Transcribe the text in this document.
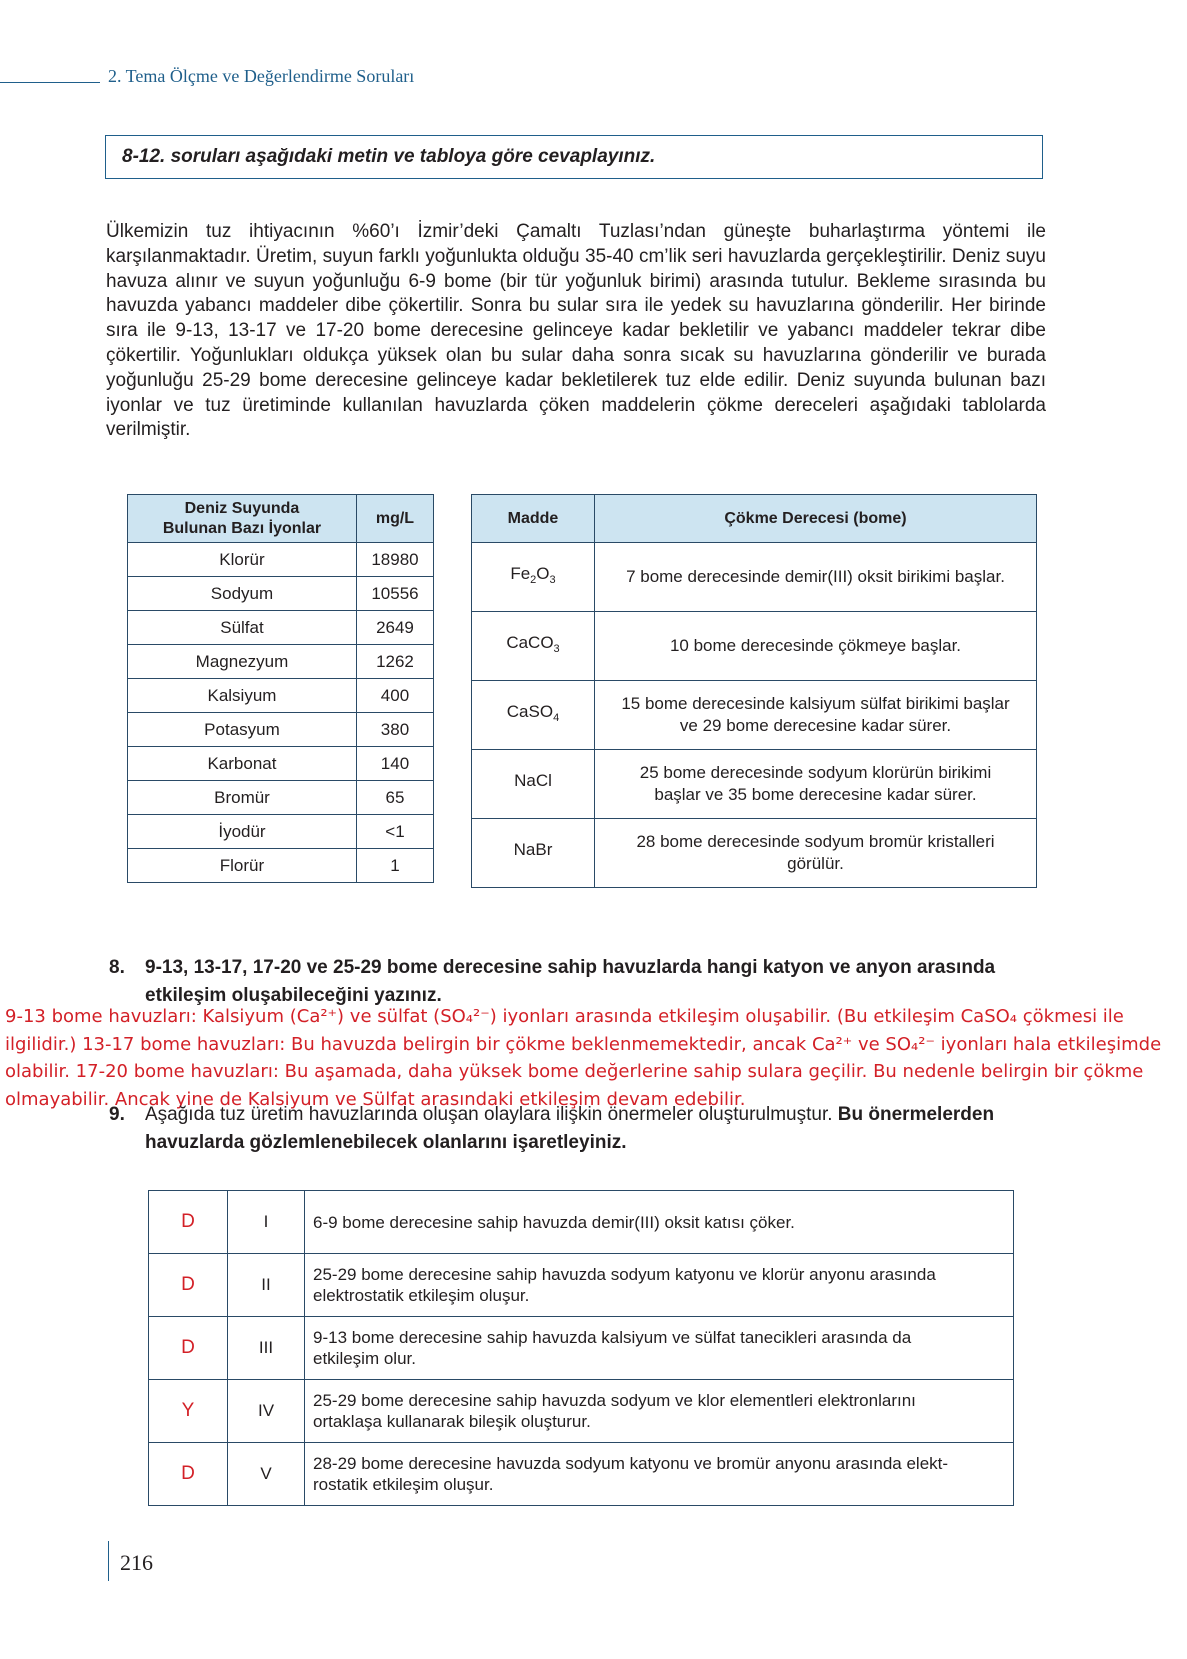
2. Tema Ölçme ve Değerlendirme Soruları
8-12. soruları aşağıdaki metin ve tabloya göre cevaplayınız.
Ülkemizin tuz ihtiyacının %60’ı İzmir’deki Çamaltı Tuzlası’ndan güneşte buharlaştırma yöntemi ile karşılanmaktadır. Üretim, suyun farklı yoğunlukta olduğu 35-40 cm’lik seri havuzlarda gerçekleştirilir. Deniz suyu havuza alınır ve suyun yoğunluğu 6-9 bome (bir tür yoğunluk birimi) arasında tutulur. Bekleme sırasında bu havuzda yabancı maddeler dibe çökertilir. Sonra bu sular sıra ile yedek su havuzlarına gönderilir. Her birinde sıra ile 9-13, 13-17 ve 17-20 bome derecesine gelinceye kadar bekletilir ve yabancı maddeler tekrar dibe çökertilir. Yoğunlukları oldukça yüksek olan bu sular daha sonra sıcak su havuzlarına gönderilir ve burada yoğunluğu 25-29 bome derecesine gelinceye kadar bekletilerek tuz elde edilir. Deniz suyunda bulunan bazı iyonlar ve tuz üretiminde kullanılan havuzlarda çöken maddelerin çökme dereceleri aşağıdaki tablolarda verilmiştir.
Deniz Suyunda
Bulunan Bazı İyonlar	mg/L
Klorür	18980
Sodyum	10556
Sülfat	2649
Magnezyum	1262
Kalsiyum	400
Potasyum	380
Karbonat	140
Bromür	65
İyodür	<1
Florür	1
Madde	Çökme Derecesi (bome)
$Fe_2O_3$	7 bome derecesinde demir(III) oksit birikimi başlar.

CaCO$_3$	10 bome derecesinde çökmeye başlar.

CaSO$_4$	15 bome derecesinde kalsiyum sülfat birikimi başlar
ve 29 bome derecesine kadar sürer.
NaCl	25 bome derecesinde sodyum klorürün birikimi
başlar ve 35 bome derecesine kadar sürer.
NaBr	28 bome derecesinde sodyum bromür kristalleri
görülür.
8. 9-13, 13-17, 17-20 ve 25-29 bome derecesine sahip havuzlarda hangi katyon ve anyon arasında etkileşim oluşabileceğini yazınız.
9-13 bome havuzları: Kalsiyum (Ca²⁺) ve sülfat (SO₄²⁻) iyonları arasında etkileşim oluşabilir. (Bu etkileşim CaSO₄ çökmesi ile ilgilidir.) 13-17 bome havuzları: Bu havuzda belirgin bir çökme beklenmemektedir, ancak Ca²⁺ ve SO₄²⁻ iyonları hala etkileşimde olabilir. 17-20 bome havuzları: Bu aşamada, daha yüksek bome değerlerine sahip sulara geçilir. Bu nedenle belirgin bir çökme olmayabilir. Ancak yine de Kalsiyum ve Sülfat arasındaki etkileşim devam edebilir.
9. Aşağıda tuz üretim havuzlarında oluşan olaylara ilişkin önermeler oluşturulmuştur. Bu önermelerden havuzlarda gözlemlenebilecek olanlarını işaretleyiniz.
D	I	6-9 bome derecesine sahip havuzda demir(III) oksit katısı çöker.

D	II	25-29 bome derecesine sahip havuzda sodyum katyonu ve klorür anyonu arasında
elektrostatik etkileşim oluşur.
D	III	9-13 bome derecesine sahip havuzda kalsiyum ve sülfat tanecikleri arasında da
etkileşim olur.
Y	IV	25-29 bome derecesine sahip havuzda sodyum ve klor elementleri elektronlarını
ortaklaşa kullanarak bileşik oluşturur.
D	V	28-29 bome derecesine havuzda sodyum katyonu ve bromür anyonu arasında elekt-
rostatik etkileşim oluşur.
216
